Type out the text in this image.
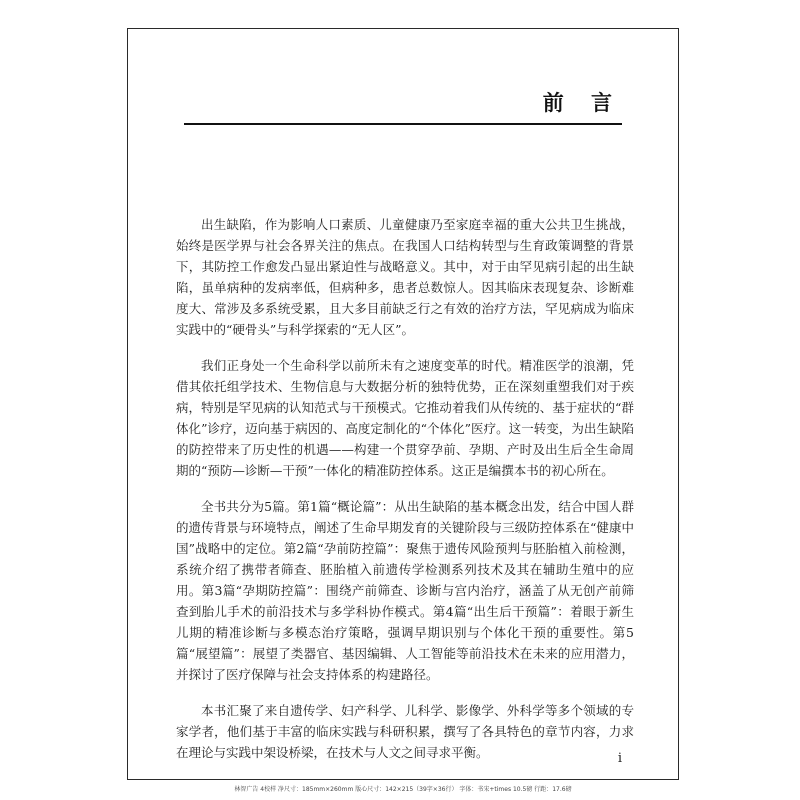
前 言

出生缺陷，作为影响人口素质、儿童健康乃至家庭幸福的重大公共卫生挑战，始终是医学界与社会各界关注的焦点。在我国人口结构转型与生育政策调整的背景下，其防控工作愈发凸显出紧迫性与战略意义。其中，对于由罕见病引起的出生缺陷，虽单病种的发病率低，但病种多，患者总数惊人。因其临床表现复杂、诊断难度大、常涉及多系统受累，且大多目前缺乏行之有效的治疗方法，罕见病成为临床实践中的“硬骨头”与科学探索的“无人区”。

我们正身处一个生命科学以前所未有之速度变革的时代。精准医学的浪潮，凭借其依托组学技术、生物信息与大数据分析的独特优势，正在深刻重塑我们对于疾病，特别是罕见病的认知范式与干预模式。它推动着我们从传统的、基于症状的“群体化”诊疗，迈向基于病因的、高度定制化的“个体化”医疗。这一转变，为出生缺陷的防控带来了历史性的机遇——构建一个贯穿孕前、孕期、产时及出生后全生命周期的“预防—诊断—干预”一体化的精准防控体系。这正是编撰本书的初心所在。

全书共分为5篇。第1篇“概论篇”：从出生缺陷的基本概念出发，结合中国人群的遗传背景与环境特点，阐述了生命早期发育的关键阶段与三级防控体系在“健康中国”战略中的定位。第2篇“孕前防控篇”：聚焦于遗传风险预判与胚胎植入前检测，系统介绍了携带者筛查、胚胎植入前遗传学检测系列技术及其在辅助生殖中的应用。第3篇“孕期防控篇”：围绕产前筛查、诊断与宫内治疗，涵盖了从无创产前筛查到胎儿手术的前沿技术与多学科协作模式。第4篇“出生后干预篇”：着眼于新生儿期的精准诊断与多模态治疗策略，强调早期识别与个体化干预的重要性。第5篇“展望篇”：展望了类器官、基因编辑、人工智能等前沿技术在未来的应用潜力，并探讨了医疗保障与社会支持体系的构建路径。

本书汇聚了来自遗传学、妇产科学、儿科学、影像学、外科学等多个领域的专家学者，他们基于丰富的临床实践与科研积累，撰写了各具特色的章节内容，力求在理论与实践中架设桥梁，在技术与人文之间寻求平衡。	i
林智广告 4校样 净尺寸：185mm×260mm 版心尺寸：142×215（39字×36行） 字体：书宋+times 10.5磅 行距：17.6磅
